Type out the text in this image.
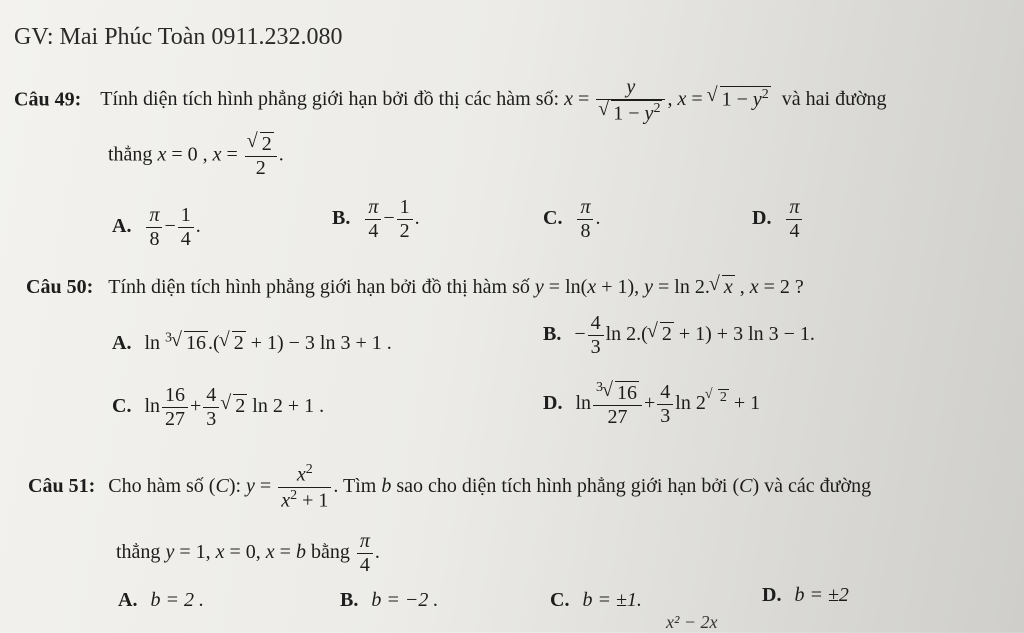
GV: Mai Phúc Toàn 0911.232.080
Câu 49: Tính diện tích hình phẳng giới hạn bởi đồ thị các hàm số: x = y
√ $1 - y^2$ , x = √ $1 - y^2$ và hai đường
thẳng x = 0 , x = √ $\frac{2}{2}$ .
A. $\frac{\pi}{8} - \frac{1}{4}$ .	B. $\frac{\pi}{4} - \frac{1}{2}$ .	C. $\frac{\pi}{8}$ .	D. $\frac{\pi}{4}$
Câu 50: Tính diện tích hình phẳng giới hạn bởi đồ thị hàm số y = ln(x + 1), y = ln 2. √ x , x = 2 ?
A. ln $^3$ √ 16 .( √ 2 + 1) − 3 ln 3 + 1 .	B. − $\frac{4}{3}$ ln 2.( √ 2 + 1) + 3 ln 3 − 1.
C. $\ln \frac{16}{27} + \frac{4}{3}$ √ 2 ln 2 + 1 .	D. $\ln \frac{^3 √ 16}{27} + \frac{4}{3}$ ln 2 √ $^2$ + 1
Câu 51: Cho hàm số (C): $y = \frac{x^2}{x^2 + 1}$ . Tìm b sao cho diện tích hình phẳng giới hạn bởi (C) và các đường
thẳng y = 1, x = 0, x = b bằng $\frac{\pi}{4}$ .
A. b = 2 .	B. b = −2 .	C. b = ±1.	D. b = ±2
x² − 2x
